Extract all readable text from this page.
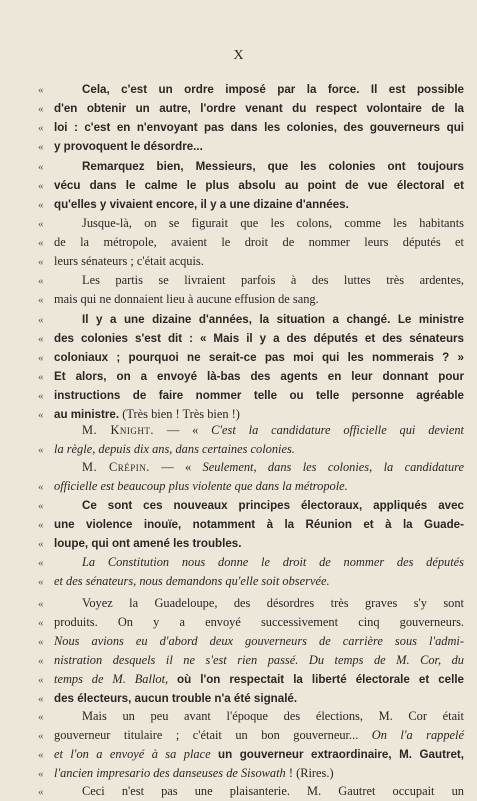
X
«	Cela, c'est un ordre imposé par la force. Il est possible
« d'en obtenir un autre, l'ordre venant du respect volontaire de la
« loi : c'est en n'envoyant pas dans les colonies, des gouverneurs qui
« y provoquent le désordre...
«	Remarquez bien, Messieurs, que les colonies ont toujours
« vécu dans le calme le plus absolu au point de vue électoral et
« qu'elles y vivaient encore, il y a une dizaine d'années.
«	Jusque-là, on se figurait que les colons, comme les habitants
« de la métropole, avaient le droit de nommer leurs députés et
« leurs sénateurs ; c'était acquis.
«	Les partis se livraient parfois à des luttes très ardentes,
« mais qui ne donnaient lieu à aucune effusion de sang.
«	Il y a une dizaine d'années, la situation a changé. Le ministre
« des colonies s'est dit : « Mais il y a des députés et des sénateurs
« coloniaux ; pourquoi ne serait-ce pas moi qui les nommerais ? »
« Et alors, on a envoyé là-bas des agents en leur donnant pour
« instructions de faire nommer telle ou telle personne agréable
« au ministre. (Très bien ! Très bien !)
M. Knight. — « C'est la candidature officielle qui devient
« la règle, depuis dix ans, dans certaines colonies.
M. Crépin. — « Seulement, dans les colonies, la candidature
« officielle est beaucoup plus violente que dans la métropole.
«	Ce sont ces nouveaux principes électoraux, appliqués avec
« une violence inouïe, notamment à la Réunion et à la Guade-
« loupe, qui ont amené les troubles.
«	La Constitution nous donne le droit de nommer des députés
« et des sénateurs, nous demandons qu'elle soit observée.
«	Voyez la Guadeloupe, des désordres très graves s'y sont
« produits. On y a envoyé successivement cinq gouverneurs.
« Nous avions eu d'abord deux gouverneurs de carrière sous l'admi-
« nistration desquels il ne s'est rien passé. Du temps de M. Cor, du
« temps de M. Ballot, où l'on respectait la liberté électorale et celle
« des électeurs, aucun trouble n'a été signalé.
«	Mais un peu avant l'époque des élections, M. Cor était
« gouverneur titulaire ; c'était un bon gouverneur... On l'a rappelé
« et l'on a envoyé à sa place un gouverneur extraordinaire, M. Gautret,
« l'ancien impresario des danseuses de Sisowath ! (Rires.)
«	Ceci n'est pas une plaisanterie. M. Gautret occupait un
